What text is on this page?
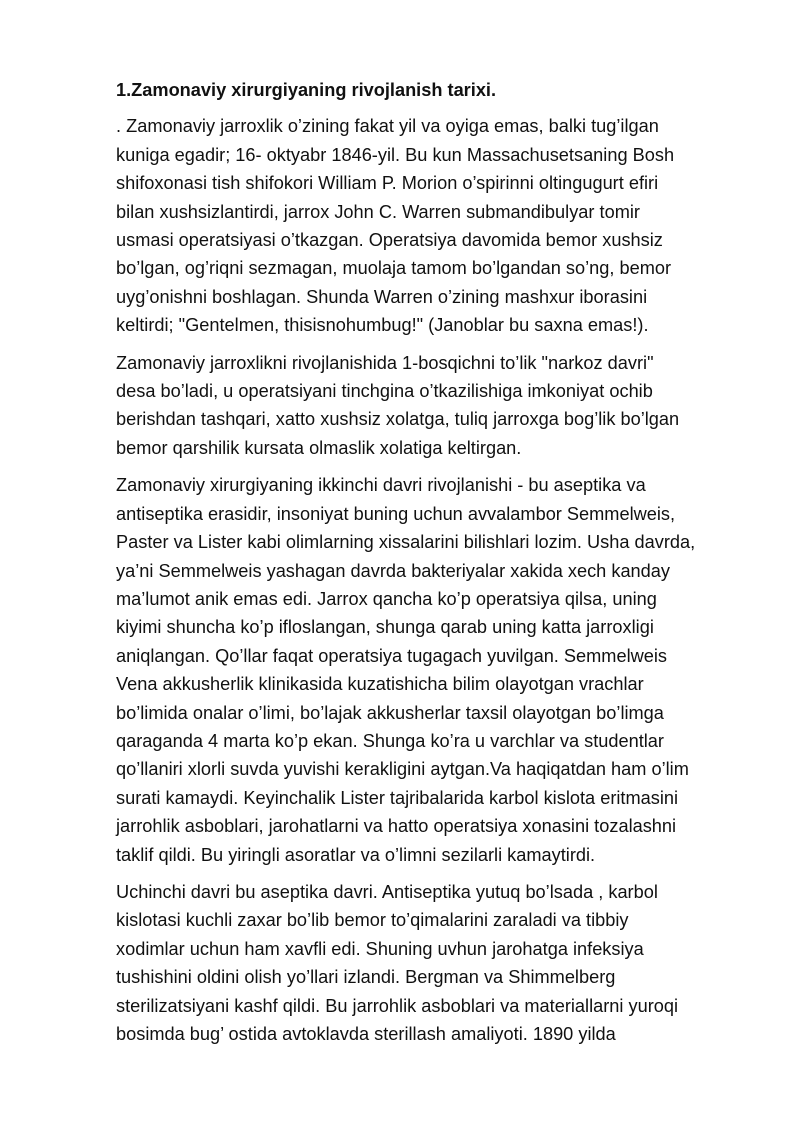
1.Zamonaviy xirurgiyaning rivojlanish tarixi.

. Zamonaviy jarroxlik o’zining fakat yil va oyiga emas, balki tug’ilgan
kuniga egadir; 16- oktyabr 1846-yil. Bu kun Massachusetsaning Bosh
shifoxonasi tish shifokori William P. Morion o’spirinni oltingugurt efiri
bilan xushsizlantirdi, jarrox John C. Warren submandibulyar tomir
usmasi operatsiyasi o’tkazgan. Operatsiya davomida bemor xushsiz
bo’lgan, og’riqni sezmagan, muolaja tamom bo’lgandan so’ng, bemor
uyg’onishni boshlagan. Shunda Warren o’zining mashxur iborasini
keltirdi; "Gentelmen, thisisnohumbug!" (Janoblar bu saxna emas!).

Zamonaviy jarroxlikni rivojlanishida 1-bosqichni to’lik "narkoz davri"
desa bo’ladi, u operatsiyani tinchgina o’tkazilishiga imkoniyat ochib
berishdan tashqari, xatto xushsiz xolatga, tuliq jarroxga bog’lik bo’lgan
bemor qarshilik kursata olmaslik xolatiga keltirgan.

Zamonaviy xirurgiyaning ikkinchi davri rivojlanishi - bu aseptika va
antiseptika erasidir, insoniyat buning uchun avvalambor Semmelweis,
Paster va Lister kabi olimlarning xissalarini bilishlari lozim. Usha davrda,
ya’ni Semmelweis yashagan davrda bakteriyalar xakida xech kanday
ma’lumot anik emas edi. Jarrox qancha ko’p operatsiya qilsa, uning
kiyimi shuncha ko’p ifloslangan, shunga qarab uning katta jarroxligi
aniqlangan. Qo’llar faqat operatsiya tugagach yuvilgan. Semmelweis
Vena akkusherlik klinikasida kuzatishicha bilim olayotgan vrachlar
bo’limida onalar o’limi, bo’lajak akkusherlar taxsil olayotgan bo’limga
qaraganda 4 marta ko’p ekan. Shunga ko’ra u varchlar va studentlar
qo’llaniri xlorli suvda yuvishi kerakligini aytgan.Va haqiqatdan ham o’lim
surati kamaydi. Keyinchalik Lister tajribalarida karbol kislota eritmasini
jarrohlik asboblari, jarohatlarni va hatto operatsiya xonasini tozalashni
taklif qildi. Bu yiringli asoratlar va o’limni sezilarli kamaytirdi.

Uchinchi davri bu aseptika davri. Antiseptika yutuq bo’lsada , karbol
kislotasi kuchli zaxar bo’lib bemor to’qimalarini zaraladi va tibbiy
xodimlar uchun ham xavfli edi. Shuning uvhun jarohatga infeksiya
tushishini oldini olish yo’llari izlandi. Bergman va Shimmelberg
sterilizatsiyani kashf qildi. Bu jarrohlik asboblari va materiallarni yuroqi
bosimda bug’ ostida avtoklavda sterillash amaliyoti. 1890 yilda
